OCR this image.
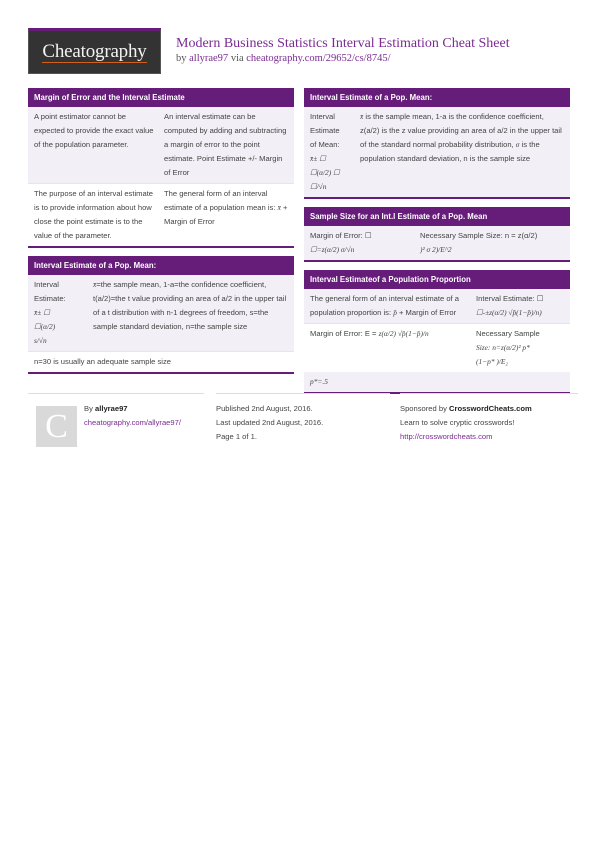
Cheatography Modern Business Statistics Interval Estimation Cheat Sheet
by allyrae97 via cheatography.com/29652/cs/8745/
Margin of Error and the Interval Estimate
A point estimator cannot be expected to provide the exact value of the population parameter.
An interval estimate can be computed by adding and subtracting a margin of error to the point estimate. Point Estimate +/- Margin of Error
The purpose of an interval estimate is to provide information about how close the point estimate is to the value of the parameter.
The general form of an interval estimate of a population mean is: x̄ + Margin of Error
Interval Estimate of a Pop. Mean:
Interval
Estimate:
x̄± ☐
☐(α/2)
s/√n
x̄=the sample mean, 1-a=the confidence coefficient, t(a/2)=the t value providing an area of a/2 in the upper tail of a t distribution with n-1 degrees of freedom, s=the sample standard deviation, n=the sample size
n=30 is usually an adequate sample size
Interval Estimate of a Pop. Mean:
Interval
Estimate
of Mean:
x̄± ☐
☐(α/2) ☐
☐/√n
x̄ is the sample mean, 1-a is the confidence coefficient, z(a/2) is the z value providing an area of a/2 in the upper tail of the standard normal probability distribution, σ is the population standard deviation, n is the sample size
Sample Size for an Int.l Estimate of a Pop. Mean
Margin of Error: ☐
☐=z(α/2) σ/√n
Necessary Sample Size: n = z(α/2)
)² σ 2)/E^2
Interval Estimateof a Population Proportion
The general form of an interval estimate of a population proportion is: p̄ + Margin of Error
Interval Estimate: ☐
☐-±z(α/2) √p̄(1−p̄)/n)
Margin of Error: E = z(α/2) √p̄(1−p̄)/n	Necessary Sample
Size: n=z(α/2)² p*
(1−p* )/E₂
p*=.5
C By allyrae97
cheatography.com/allyrae97/
Published 2nd August, 2016.
Last updated 2nd August, 2016.
Page 1 of 1.
Sponsored by CrosswordCheats.com
Learn to solve cryptic crosswords!
http://crosswordcheats.com
